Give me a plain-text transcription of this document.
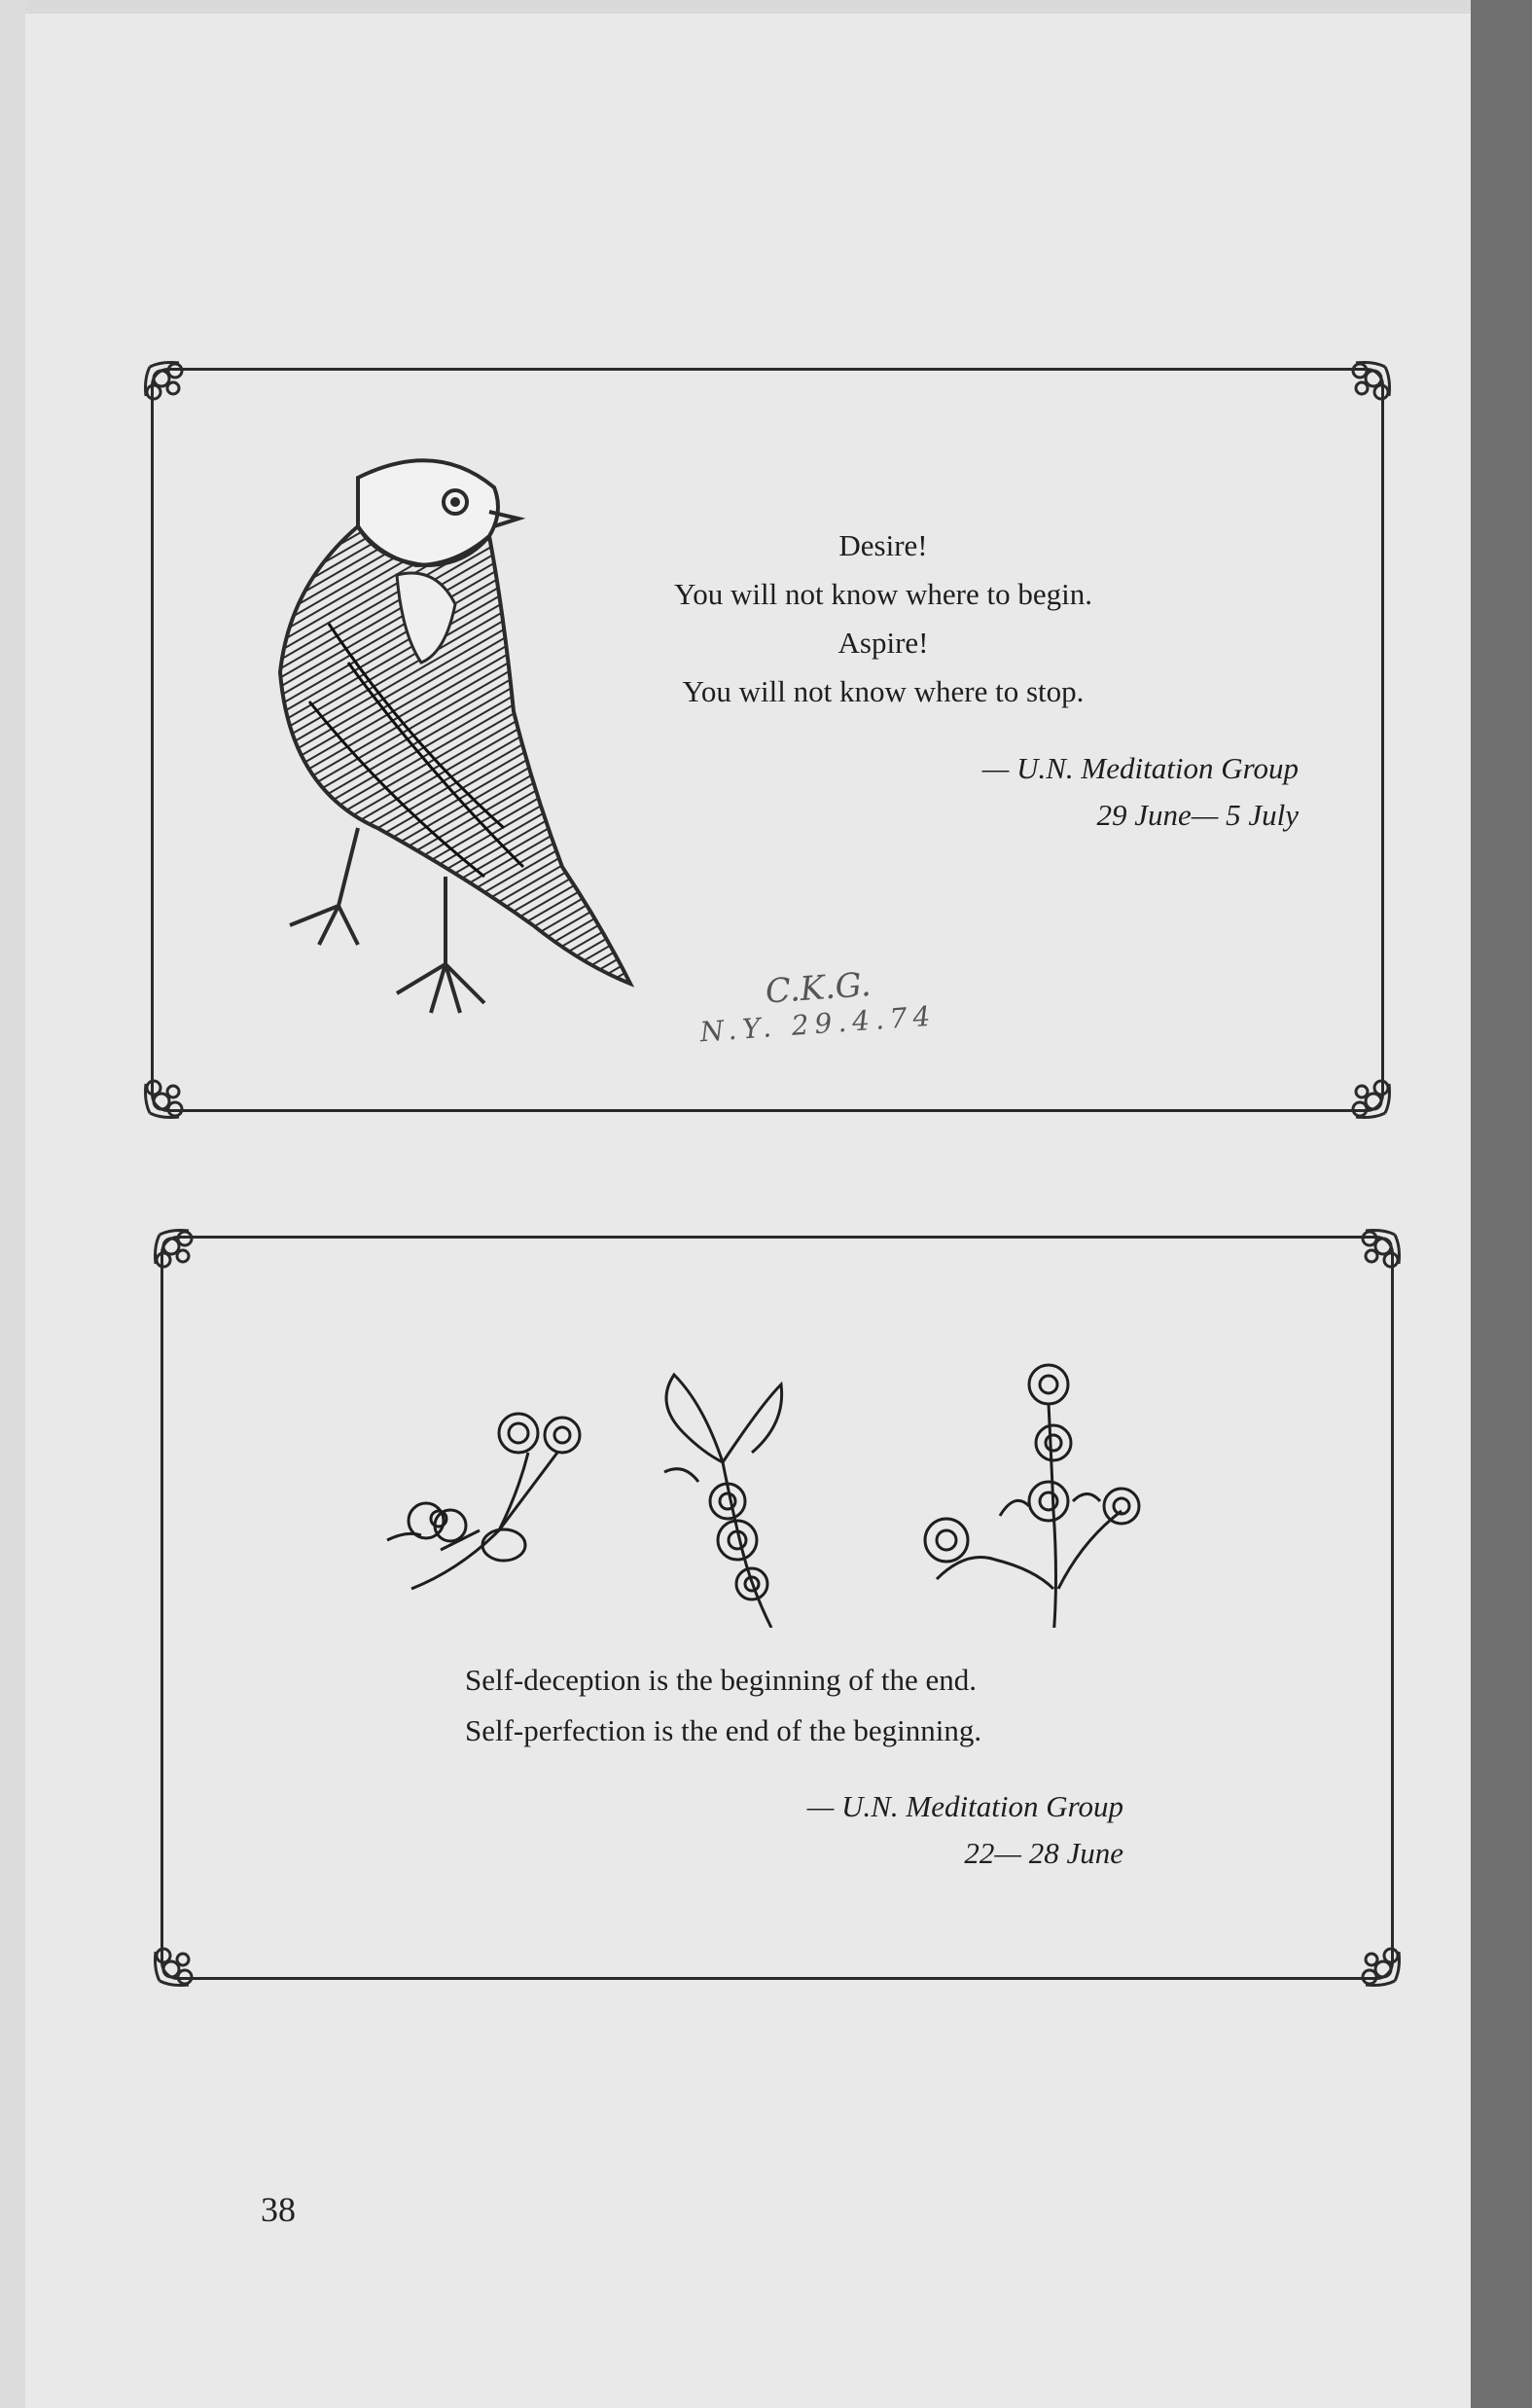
Desire!
You will not know where to begin.
Aspire!
You will not know where to stop.
— U.N. Meditation Group
29 June— 5 July
C.K.G.
N.Y. 29.4.74
Self-deception is the beginning of the end.
Self-perfection is the end of the beginning.
— U.N. Meditation Group
22— 28 June
38
